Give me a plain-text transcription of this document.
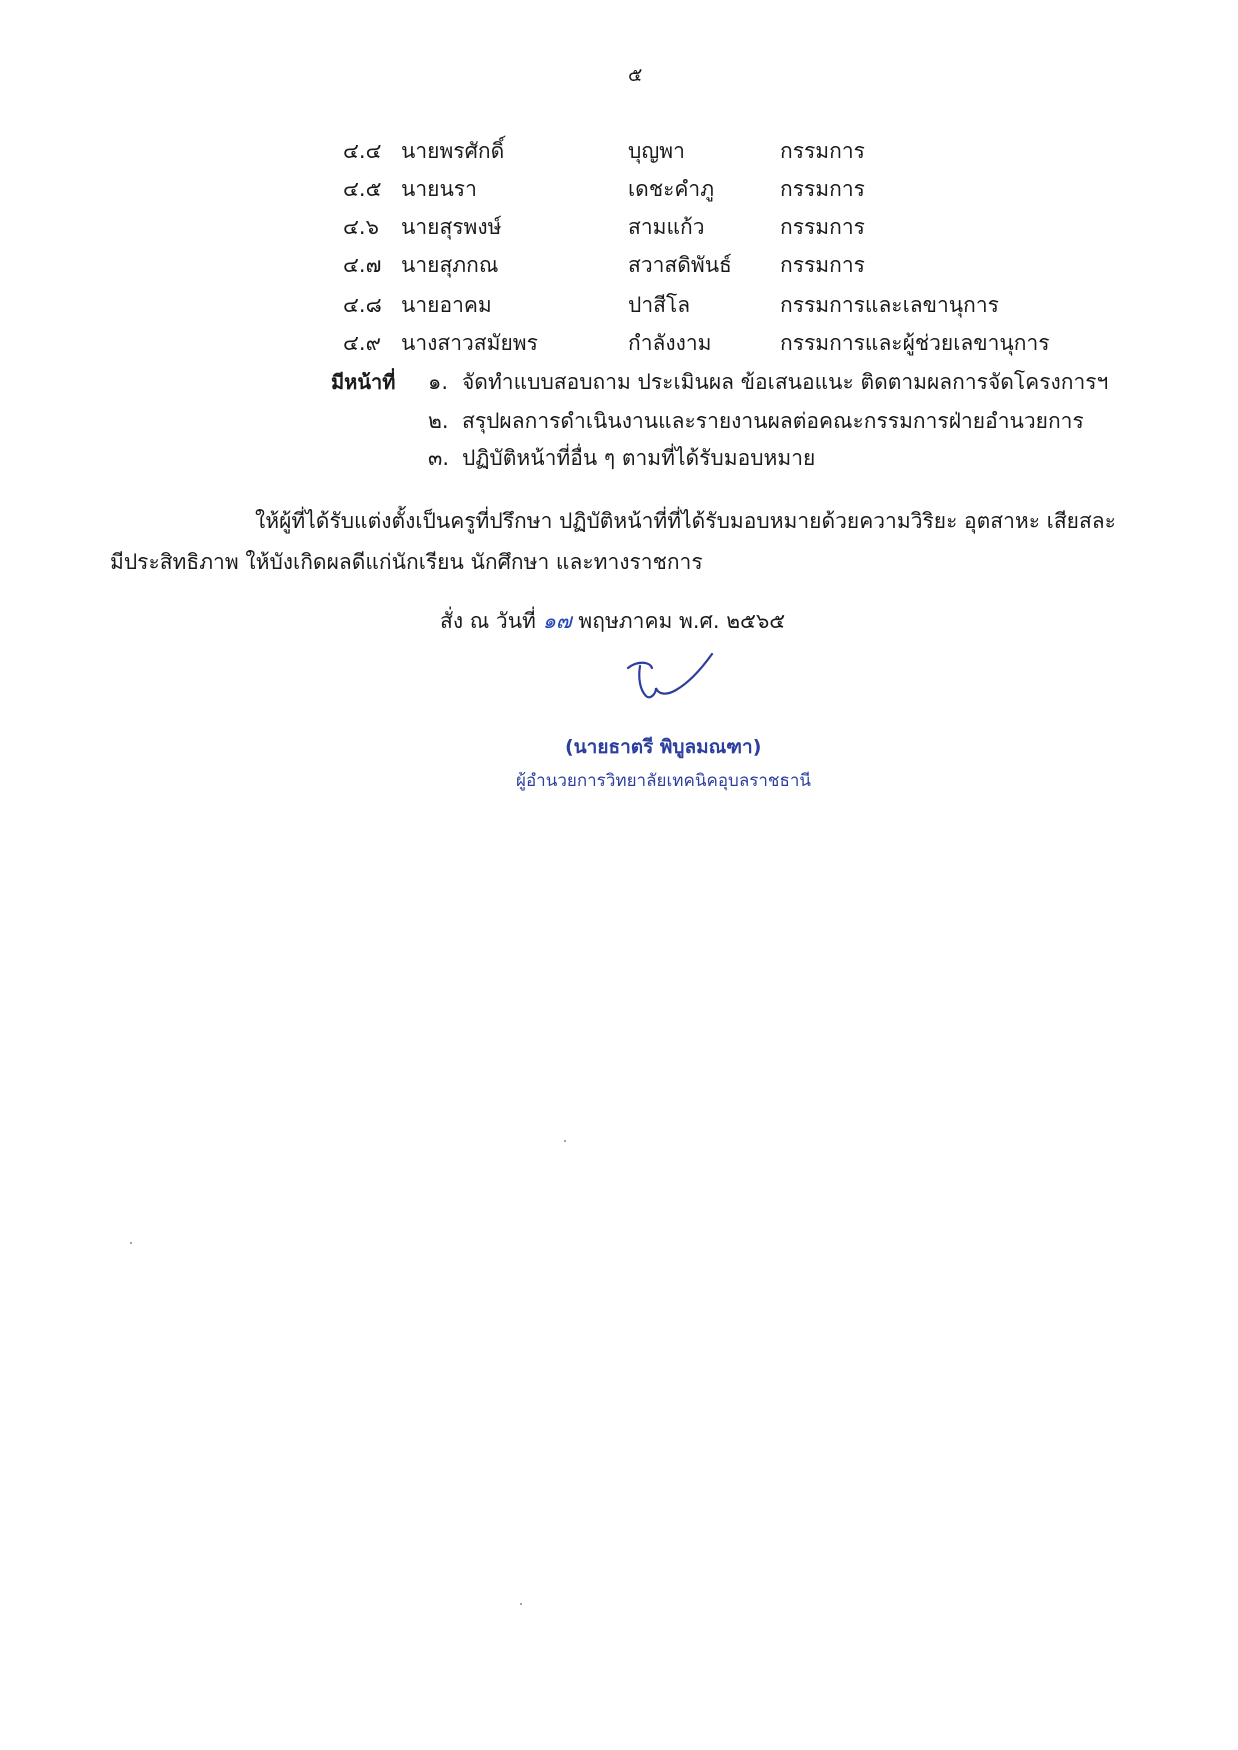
๕
๔.๔ นายพรศักดิ์	บุญพา	กรรมการ
๔.๕ นายนรา	เดชะคำภู	กรรมการ
๔.๖ นายสุรพงษ์	สามแก้ว	กรรมการ
๔.๗ นายสุภกณ	สวาสดิพันธ์ กรรมการ
๔.๘ นายอาคม	ปาสีโล	กรรมการและเลขานุการ
๔.๙ นางสาวสมัยพร	กำลังงาม	กรรมการและผู้ช่วยเลขานุการ
มีหน้าที่ ๑. จัดทำแบบสอบถาม ประเมินผล ข้อเสนอแนะ ติดตามผลการจัดโครงการฯ
๒. สรุปผลการดำเนินงานและรายงานผลต่อคณะกรรมการฝ่ายอำนวยการ
๓. ปฏิบัติหน้าที่อื่น ๆ ตามที่ได้รับมอบหมาย
ให้ผู้ที่ได้รับแต่งตั้งเป็นครูที่ปรึกษา ปฏิบัติหน้าที่ที่ได้รับมอบหมายด้วยความวิริยะ อุตสาหะ เสียสละ
มีประสิทธิภาพ ให้บังเกิดผลดีแก่นักเรียน นักศึกษา และทางราชการ
สั่ง ณ วันที่ ๑๗ พฤษภาคม พ.ศ. ๒๕๖๕
(นายธาตรี พิบูลมณฑา)
ผู้อำนวยการวิทยาลัยเทคนิคอุบลราชธานี
